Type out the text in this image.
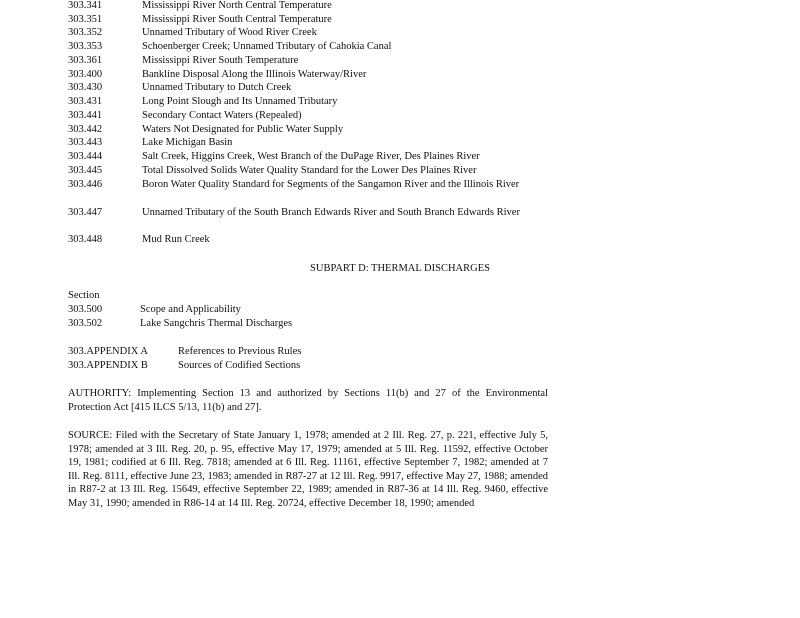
303.341	Mississippi River North Central Temperature
303.351	Mississippi River South Central Temperature
303.352	Unnamed Tributary of Wood River Creek
303.353	Schoenberger Creek; Unnamed Tributary of Cahokia Canal
303.361	Mississippi River South Temperature
303.400	Bankline Disposal Along the Illinois Waterway/River
303.430	Unnamed Tributary to Dutch Creek
303.431	Long Point Slough and Its Unnamed Tributary
303.441	Secondary Contact Waters (Repealed)
303.442	Waters Not Designated for Public Water Supply
303.443	Lake Michigan Basin
303.444	Salt Creek, Higgins Creek, West Branch of the DuPage River, Des Plaines River
303.445	Total Dissolved Solids Water Quality Standard for the Lower Des Plaines River
303.446	Boron Water Quality Standard for Segments of the Sangamon River and the Illinois River
303.447	Unnamed Tributary of the South Branch Edwards River and South Branch Edwards River
303.448	Mud Run Creek
SUBPART D: THERMAL DISCHARGES
Section
303.500	Scope and Applicability
303.502	Lake Sangchris Thermal Discharges
303.APPENDIX A	References to Previous Rules
303.APPENDIX B	Sources of Codified Sections
AUTHORITY: Implementing Section 13 and authorized by Sections 11(b) and 27 of the Environmental Protection Act [415 ILCS 5/13, 11(b) and 27].
SOURCE: Filed with the Secretary of State January 1, 1978; amended at 2 Ill. Reg. 27, p. 221, effective July 5, 1978; amended at 3 Ill. Reg. 20, p. 95, effective May 17, 1979; amended at 5 Ill. Reg. 11592, effective October 19, 1981; codified at 6 Ill. Reg. 7818; amended at 6 Ill. Reg. 11161, effective September 7, 1982; amended at 7 Ill. Reg. 8111, effective June 23, 1983; amended in R87-27 at 12 Ill. Reg. 9917, effective May 27, 1988; amended in R87-2 at 13 Ill. Reg. 15649, effective September 22, 1989; amended in R87-36 at 14 Ill. Reg. 9460, effective May 31, 1990; amended in R86-14 at 14 Ill. Reg. 20724, effective December 18, 1990; amended
